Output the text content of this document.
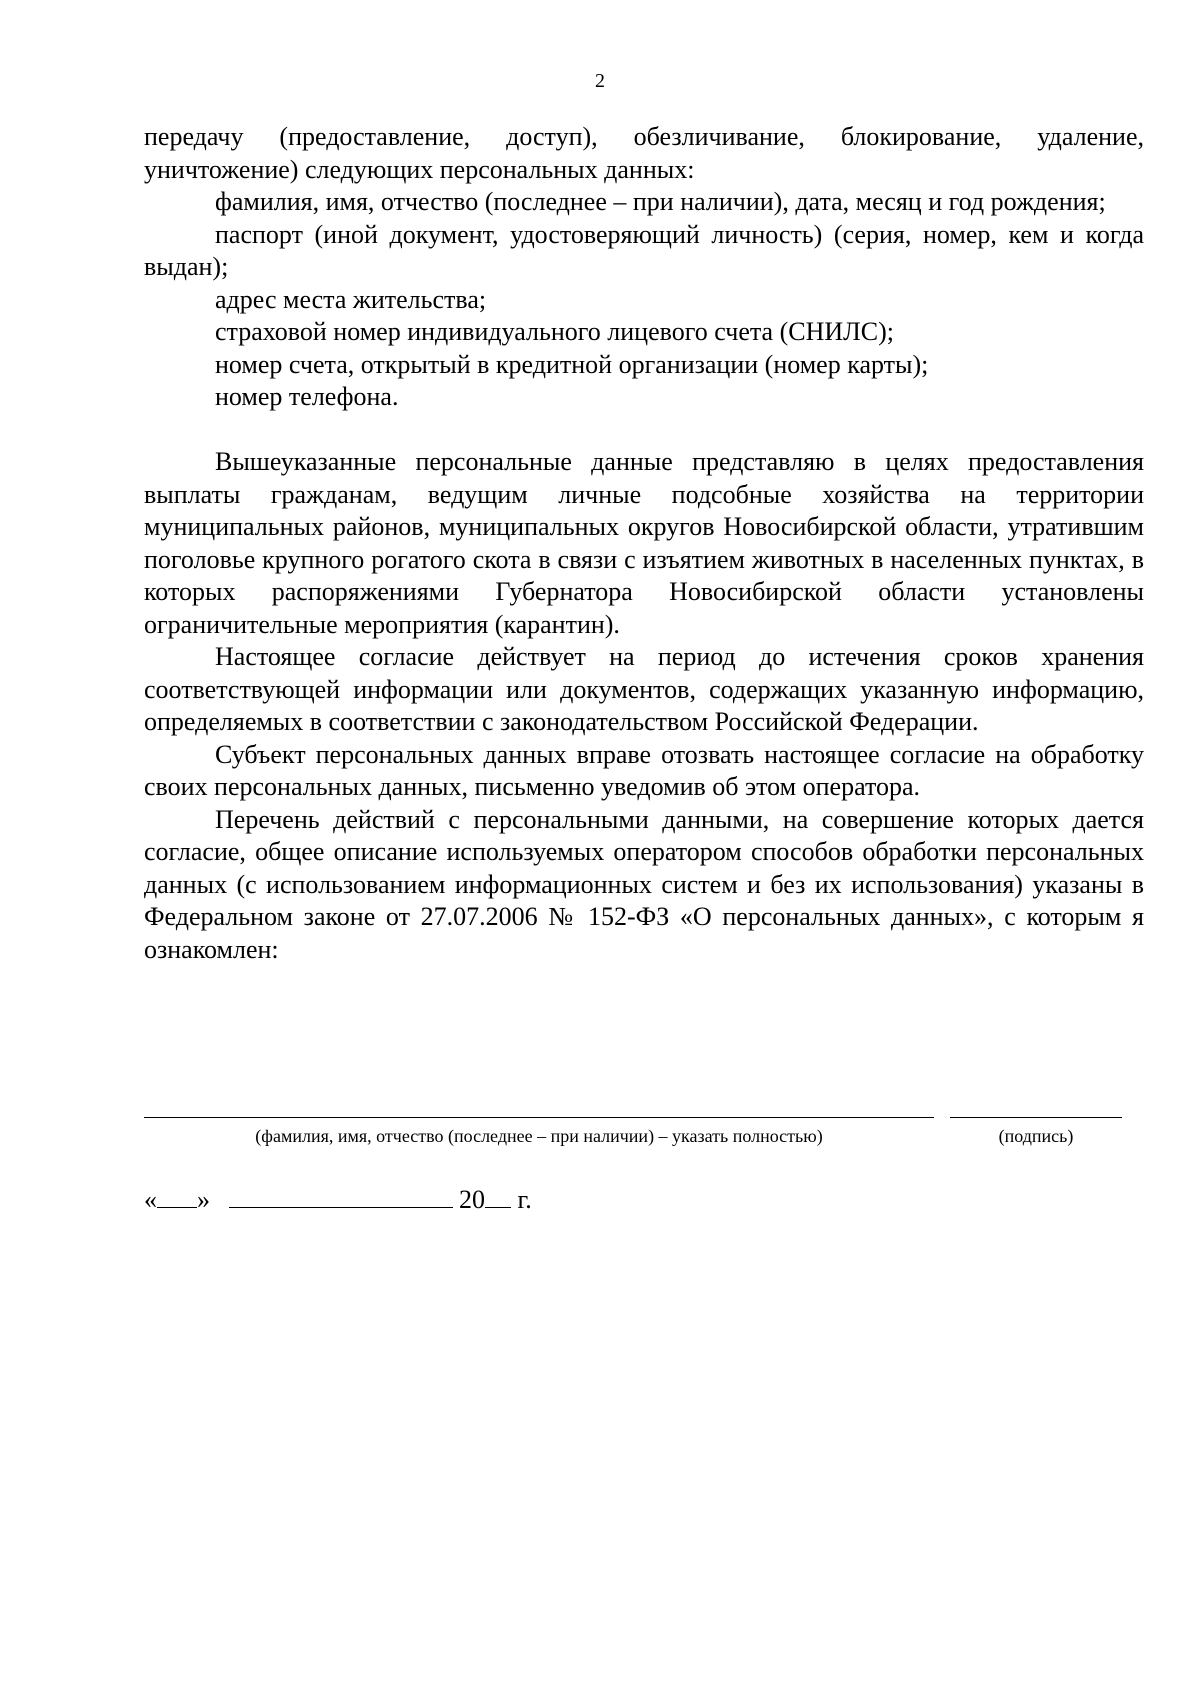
2

передачу (предоставление, доступ), обезличивание, блокирование, удаление, уничтожение) следующих персональных данных:

фамилия, имя, отчество (последнее – при наличии), дата, месяц и год рождения;

паспорт (иной документ, удостоверяющий личность) (серия, номер, кем и когда выдан);

адрес места жительства;

страховой номер индивидуального лицевого счета (СНИЛС);

номер счета, открытый в кредитной организации (номер карты);

номер телефона.

Вышеуказанные персональные данные представляю в целях предоставления выплаты гражданам, ведущим личные подсобные хозяйства на территории муниципальных районов, муниципальных округов Новосибирской области, утратившим поголовье крупного рогатого скота в связи с изъятием животных в населенных пунктах, в которых распоряжениями Губернатора Новосибирской области установлены ограничительные мероприятия (карантин).

Настоящее согласие действует на период до истечения сроков хранения соответствующей информации или документов, содержащих указанную информацию, определяемых в соответствии с законодательством Российской Федерации.

Субъект персональных данных вправе отозвать настоящее согласие на обработку своих персональных данных, письменно уведомив об этом оператора.

Перечень действий с персональными данными, на совершение которых дается согласие, общее описание используемых оператором способов обработки персональных данных (с использованием информационных систем и без их использования) указаны в Федеральном законе от 27.07.2006 № 152-ФЗ «О персональных данных», с которым я ознакомлен:

(фамилия, имя, отчество (последнее – при наличии) – указать полностью)	(подпись)
« »	20 г.
